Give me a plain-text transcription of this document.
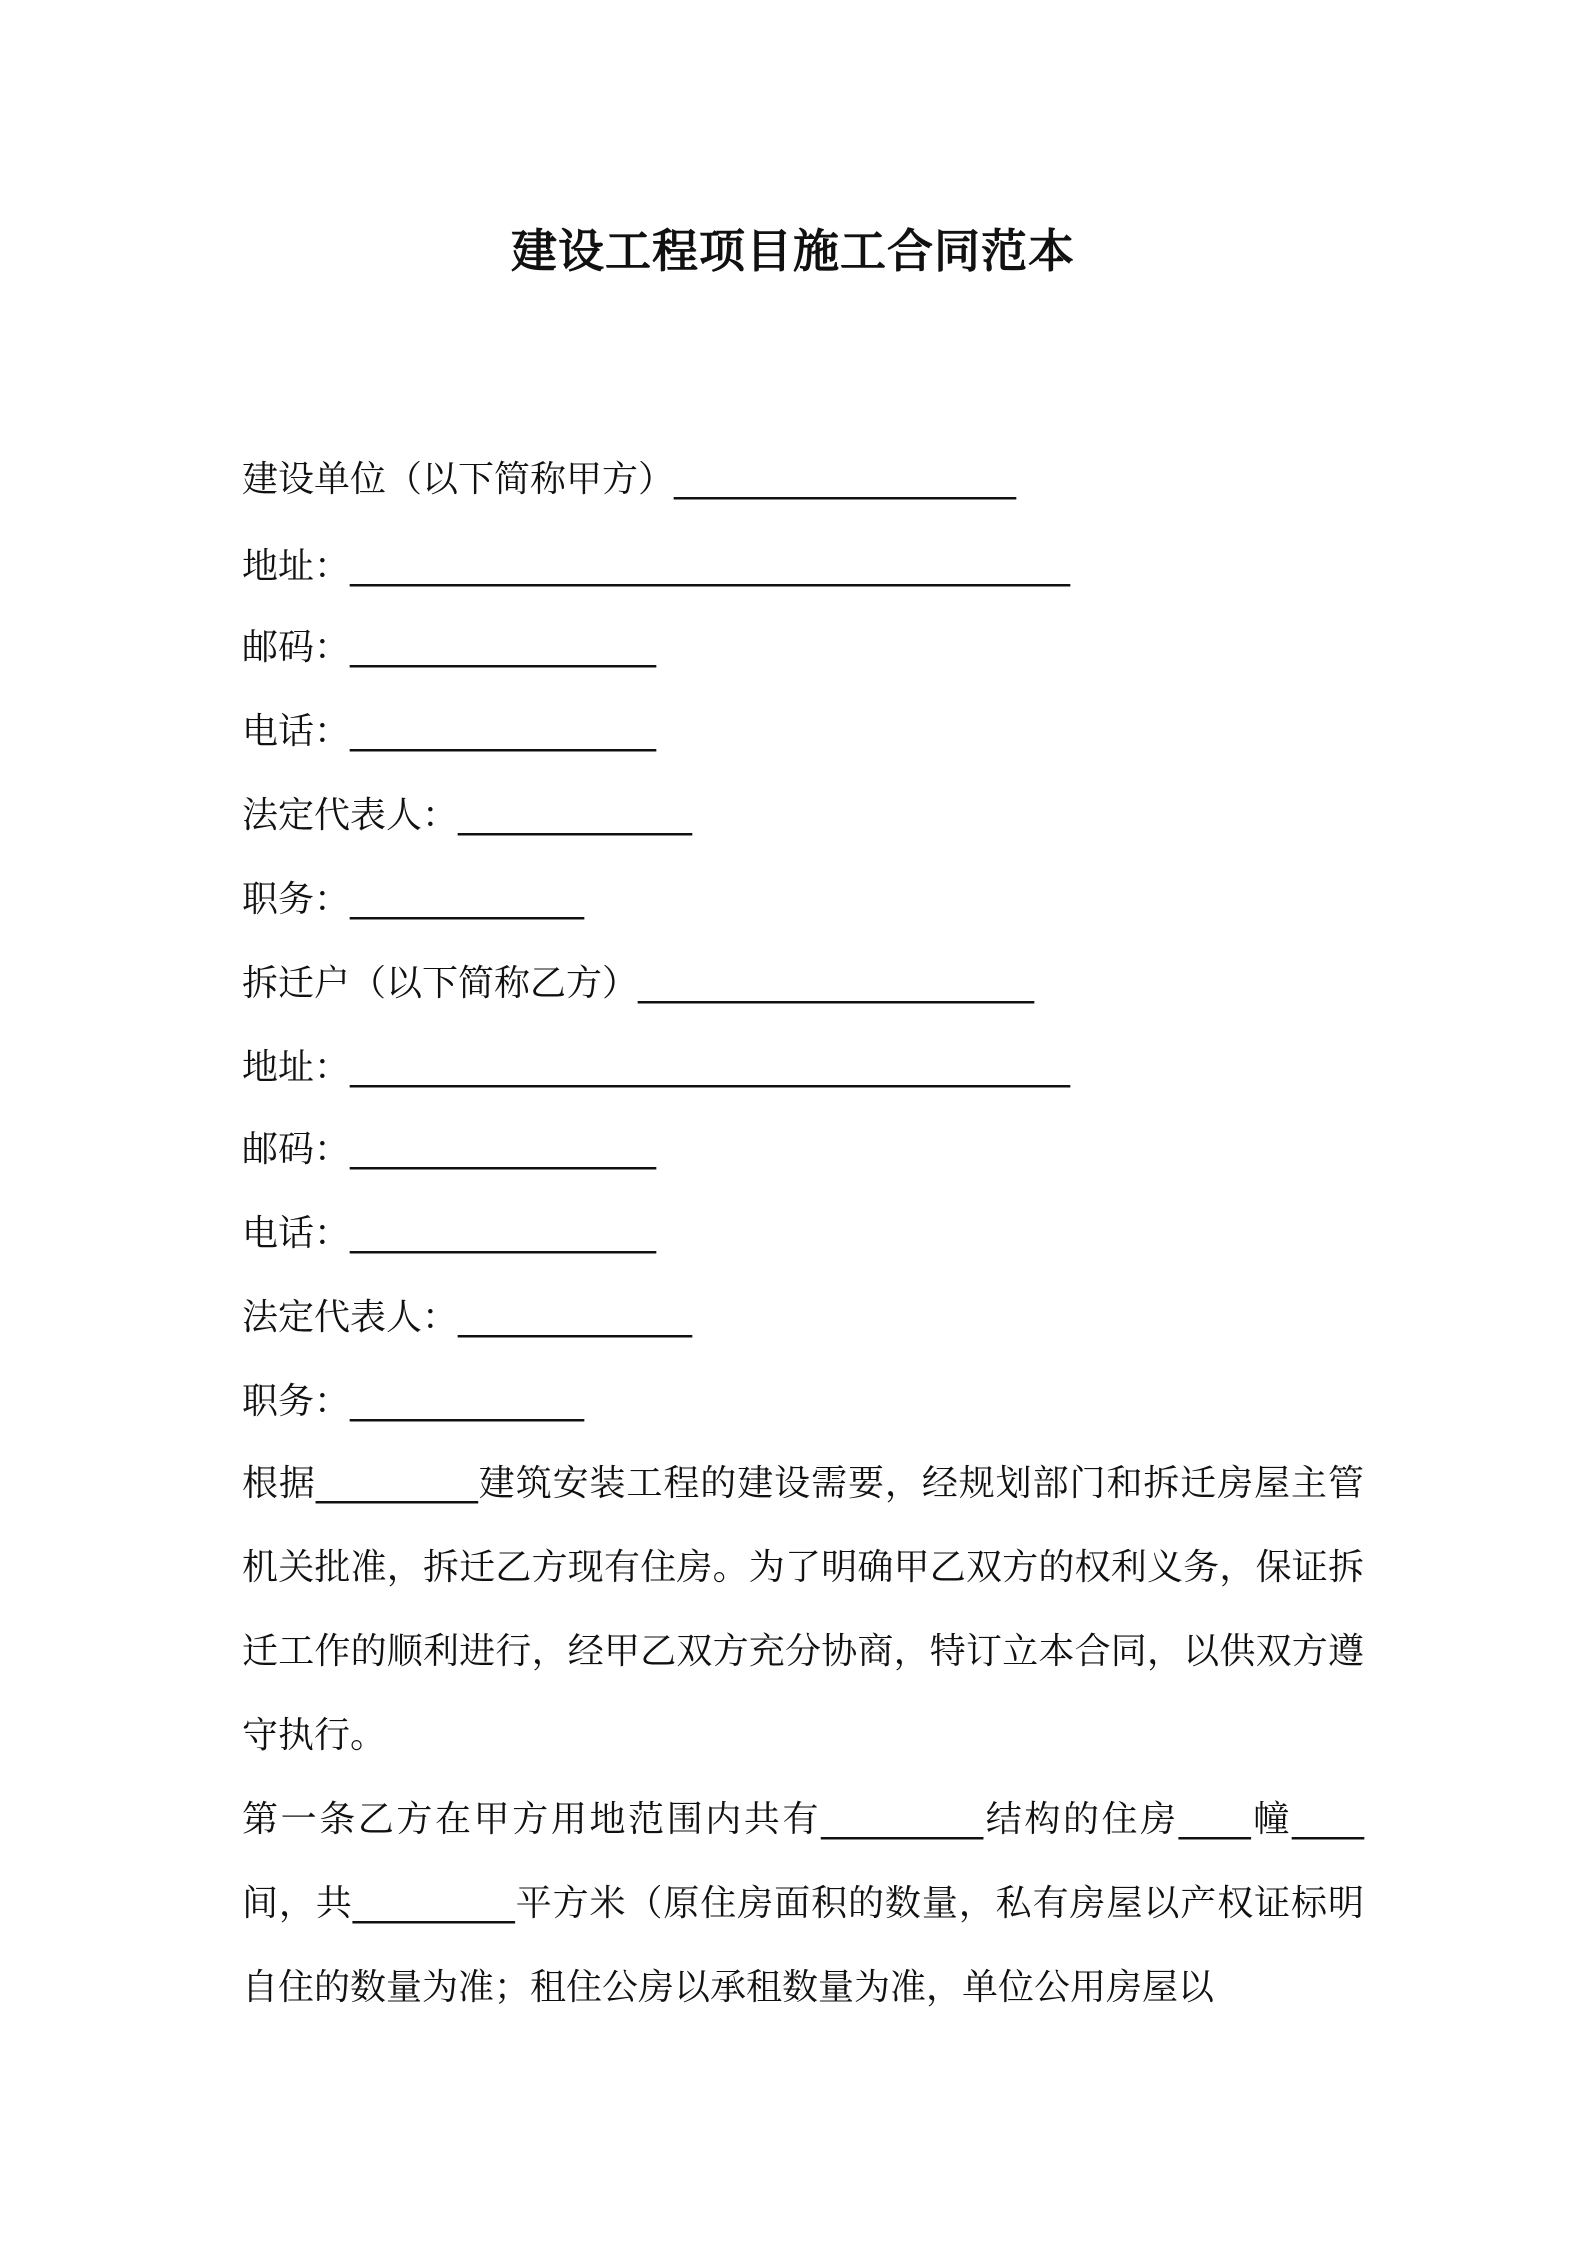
建设工程项目施工合同范本
建设单位（以下简称甲方）___________________
地址：________________________________________
邮码：_________________
电话：_________________
法定代表人：_____________
职务：_____________
拆迁户（以下简称乙方）______________________
地址：________________________________________
邮码：_________________
电话：_________________
法定代表人：_____________
职务：_____________
根据_________建筑安装工程的建设需要，经规划部门和拆迁房屋主管机关批准，拆迁乙方现有住房。为了明确甲乙双方的权利义务，保证拆迁工作的顺利进行，经甲乙双方充分协商，特订立本合同，以供双方遵守执行。
第一条乙方在甲方用地范围内共有_________结构的住房____幢____间，共_________平方米（原住房面积的数量，私有房屋以产权证标明自住的数量为准；租住公房以承租数量为准，单位公用房屋以
